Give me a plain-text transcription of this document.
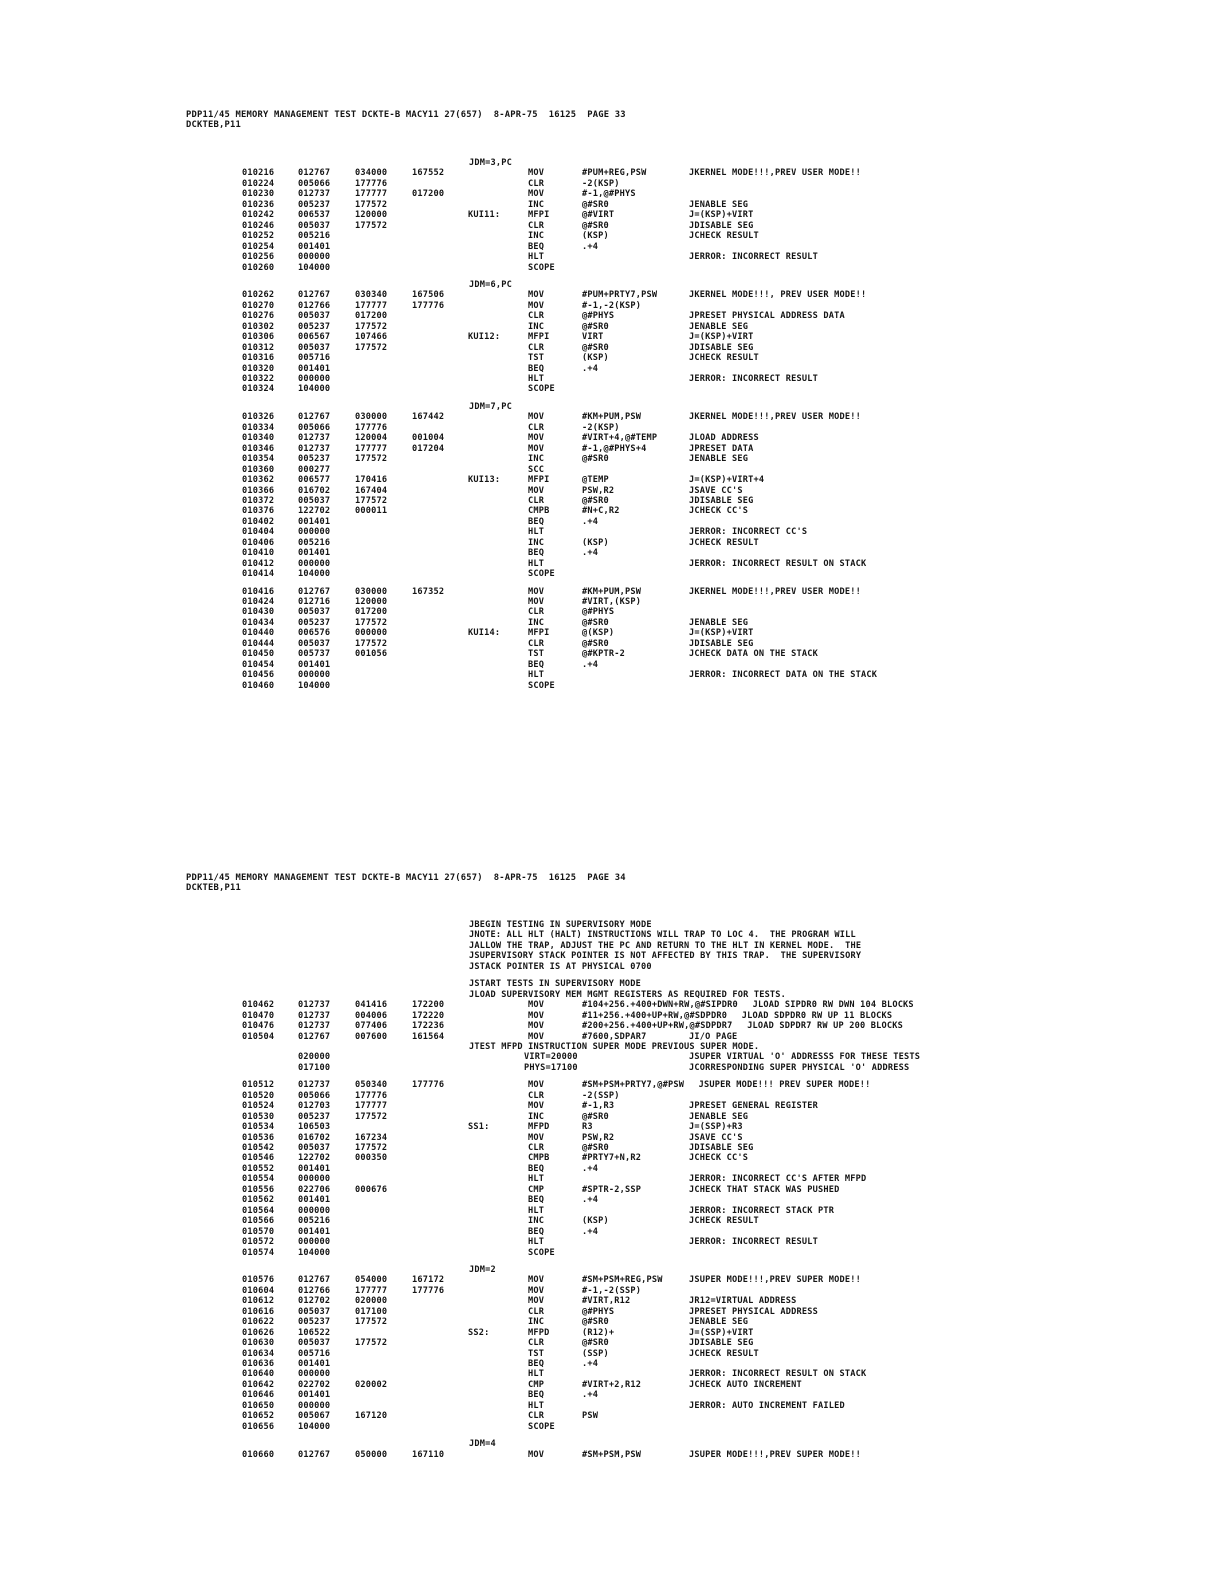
PDP11/45 MEMORY MANAGEMENT TEST DCKTE-B MACY11 27(657)  8-APR-75  16125  PAGE 33
DCKTEB,P11
JDM=3,PC
010216	012767	034000	167552	MOV	#PUM+REG,PSW	JKERNEL MODE!!!,PREV USER MODE!!
010224	005066	177776	CLR	-2(KSP)
010230	012737	177777	017200	MOV	#-1,@#PHYS
010236	005237	177572	INC	@#SR0	JENABLE SEG
010242	006537	120000	KUI11:	MFPI	@#VIRT	J=(KSP)+VIRT
010246	005037	177572	CLR	@#SR0	JDISABLE SEG
010252	005216	INC	(KSP)	JCHECK RESULT
010254	001401	BEQ	.+4
010256	000000	HLT	JERROR: INCORRECT RESULT
010260	104000	SCOPE
JDM=6,PC
010262	012767	030340	167506	MOV	#PUM+PRTY7,PSW	JKERNEL MODE!!!, PREV USER MODE!!
010270	012766	177777	177776	MOV	#-1,-2(KSP)
010276	005037	017200	CLR	@#PHYS	JPRESET PHYSICAL ADDRESS DATA
010302	005237	177572	INC	@#SR0	JENABLE SEG
010306	006567	107466	KUI12:	MFPI	VIRT	J=(KSP)+VIRT
010312	005037	177572	CLR	@#SR0	JDISABLE SEG
010316	005716	TST	(KSP)	JCHECK RESULT
010320	001401	BEQ	.+4
010322	000000	HLT	JERROR: INCORRECT RESULT
010324	104000	SCOPE
JDM=7,PC
010326	012767	030000	167442	MOV	#KM+PUM,PSW	JKERNEL MODE!!!,PREV USER MODE!!
010334	005066	177776	CLR	-2(KSP)
010340	012737	120004	001004	MOV	#VIRT+4,@#TEMP	JLOAD ADDRESS
010346	012737	177777	017204	MOV	#-1,@#PHYS+4	JPRESET DATA
010354	005237	177572	INC	@#SR0	JENABLE SEG
010360	000277	SCC
010362	006577	170416	KUI13:	MFPI	@TEMP	J=(KSP)+VIRT+4
010366	016702	167404	MOV	PSW,R2	JSAVE CC'S
010372	005037	177572	CLR	@#SR0	JDISABLE SEG
010376	122702	000011	CMPB	#N+C,R2	JCHECK CC'S
010402	001401	BEQ	.+4
010404	000000	HLT	JERROR: INCORRECT CC'S
010406	005216	INC	(KSP)	JCHECK RESULT
010410	001401	BEQ	.+4
010412	000000	HLT	JERROR: INCORRECT RESULT ON STACK
010414	104000	SCOPE
010416	012767	030000	167352	MOV	#KM+PUM,PSW	JKERNEL MODE!!!,PREV USER MODE!!
010424	012716	120000	MOV	#VIRT,(KSP)
010430	005037	017200	CLR	@#PHYS
010434	005237	177572	INC	@#SR0	JENABLE SEG
010440	006576	000000	KUI14:	MFPI	@(KSP)	J=(KSP)+VIRT
010444	005037	177572	CLR	@#SR0	JDISABLE SEG
010450	005737	001056	TST	@#KPTR-2	JCHECK DATA ON THE STACK
010454	001401	BEQ	.+4
010456	000000	HLT	JERROR: INCORRECT DATA ON THE STACK
010460	104000	SCOPE
PDP11/45 MEMORY MANAGEMENT TEST DCKTE-B MACY11 27(657)  8-APR-75  16125  PAGE 34
DCKTEB,P11
JBEGIN TESTING IN SUPERVISORY MODE
JNOTE: ALL HLT (HALT) INSTRUCTIONS WILL TRAP TO LOC 4.  THE PROGRAM WILL
JALLOW THE TRAP, ADJUST THE PC AND RETURN TO THE HLT IN KERNEL MODE.  THE
JSUPERVISORY STACK POINTER IS NOT AFFECTED BY THIS TRAP.  THE SUPERVISORY
JSTACK POINTER IS AT PHYSICAL 0700
JSTART TESTS IN SUPERVISORY MODE
JLOAD SUPERVISORY MEM MGMT REGISTERS AS REQUIRED FOR TESTS.
010462	012737	041416	172200	MOV	#104+256.+400+DWN+RW,@#SIPDR0 JLOAD SIPDR0 RW DWN 104 BLOCKS
010470	012737	004006	172220	MOV	#11+256.+400+UP+RW,@#SDPDR0 JLOAD SDPDR0 RW UP 11 BLOCKS
010476	012737	077406	172236	MOV	#200+256.+400+UP+RW,@#SDPDR7 JLOAD SDPDR7 RW UP 200 BLOCKS
010504	012767	007600	161564	MOV	#7600,SDPAR7	JI/O PAGE
JTEST MFPD INSTRUCTION SUPER MODE PREVIOUS SUPER MODE.
020000	VIRT=20000	JSUPER VIRTUAL 'O' ADDRESSS FOR THESE TESTS
017100	PHYS=17100	JCORRESPONDING SUPER PHYSICAL 'O' ADDRESS
010512	012737	050340	177776	MOV	#SM+PSM+PRTY7,@#PSW JSUPER MODE!!! PREV SUPER MODE!!
010520	005066	177776	CLR	-2(SSP)
010524	012703	177777	MOV	#-1,R3	JPRESET GENERAL REGISTER
010530	005237	177572	INC	@#SR0	JENABLE SEG
010534	106503	SS1:	MFPD	R3	J=(SSP)+R3
010536	016702	167234	MOV	PSW,R2	JSAVE CC'S
010542	005037	177572	CLR	@#SR0	JDISABLE SEG
010546	122702	000350	CMPB	#PRTY7+N,R2	JCHECK CC'S
010552	001401	BEQ	.+4
010554	000000	HLT	JERROR: INCORRECT CC'S AFTER MFPD
010556	022706	000676	CMP	#SPTR-2,SSP	JCHECK THAT STACK WAS PUSHED
010562	001401	BEQ	.+4
010564	000000	HLT	JERROR: INCORRECT STACK PTR
010566	005216	INC	(KSP)	JCHECK RESULT
010570	001401	BEQ	.+4
010572	000000	HLT	JERROR: INCORRECT RESULT
010574	104000	SCOPE
JDM=2
010576	012767	054000	167172	MOV	#SM+PSM+REG,PSW	JSUPER MODE!!!,PREV SUPER MODE!!
010604	012766	177777	177776	MOV	#-1,-2(SSP)
010612	012702	020000	MOV	#VIRT,R12	JR12=VIRTUAL ADDRESS
010616	005037	017100	CLR	@#PHYS	JPRESET PHYSICAL ADDRESS
010622	005237	177572	INC	@#SR0	JENABLE SEG
010626	106522	SS2:	MFPD	(R12)+	J=(SSP)+VIRT
010630	005037	177572	CLR	@#SR0	JDISABLE SEG
010634	005716	TST	(SSP)	JCHECK RESULT
010636	001401	BEQ	.+4
010640	000000	HLT	JERROR: INCORRECT RESULT ON STACK
010642	022702	020002	CMP	#VIRT+2,R12	JCHECK AUTO INCREMENT
010646	001401	BEQ	.+4
010650	000000	HLT	JERROR: AUTO INCREMENT FAILED
010652	005067	167120	CLR	PSW
010656	104000	SCOPE
JDM=4
010660	012767	050000	167110	MOV	#SM+PSM,PSW	JSUPER MODE!!!,PREV SUPER MODE!!
